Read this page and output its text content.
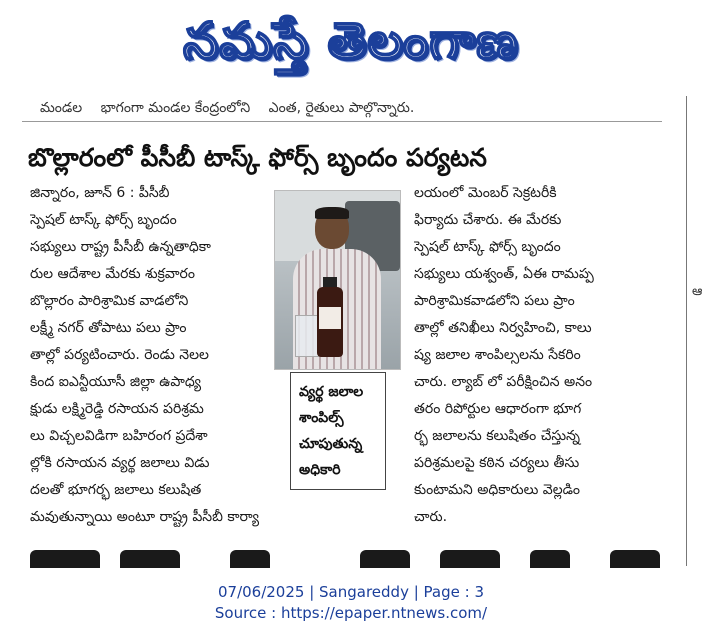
నమస్తే తెలంగాణ
మండల భాగంగా మండల కేంద్రంలోని ఎంత, రైతులు పాల్గొన్నారు.
బొల్లారంలో పీసీబీ టాస్క్ ఫోర్స్ బృందం పర్యటన
జిన్నారం, జూన్ 6 : పీసీబీ
స్పెషల్ టాస్క్ ఫోర్స్ బృందం
సభ్యులు రాష్ట్ర పీసీబీ ఉన్నతాధికా
రుల ఆదేశాల మేరకు శుక్రవారం
బొల్లారం పారిశ్రామిక వాడలోని
లక్ష్మీ నగర్ తోపాటు పలు ప్రాం
తాల్లో పర్యటించారు. రెండు నెలల
కింద ఐఎన్టీయూసీ జిల్లా ఉపాధ్య
క్షుడు లక్ష్మిరెడ్డి రసాయన పరిశ్రమ
లు విచ్చలవిడిగా బహిరంగ ప్రదేశా
ల్లోకి రసాయన వ్యర్థ జలాలు విడు
దలతో భూగర్భ జలాలు కలుషిత
మవుతున్నాయి అంటూ రాష్ట్ర పీసీబీ కార్యా
వ్యర్థ జలాల
శాంపిల్స్
చూపుతున్న
అధికారి
లయంలో మెంబర్ సెక్రటరీకి
ఫిర్యాదు చేశారు. ఈ మేరకు
స్పెషల్ టాస్క్ ఫోర్స్ బృందం
సభ్యులు యశ్వంత్, ఏఈ రామప్ప
పారిశ్రామికవాడలోని పలు ప్రాం
తాల్లో తనిఖీలు నిర్వహించి, కాలు
ష్య జలాల శాంపిల్సలను సేకరిం
చారు. ల్యాబ్ లో పరీక్షించిన అనం
తరం రిపోర్టుల ఆధారంగా భూగ
ర్భ జలాలను కలుషితం చేస్తున్న
పరిశ్రమలపై కఠిన చర్యలు తీసు
కుంటామని అధికారులు వెల్లడిం
చారు.
ఆ
07/06/2025 | Sangareddy | Page : 3
Source : https://epaper.ntnews.com/
